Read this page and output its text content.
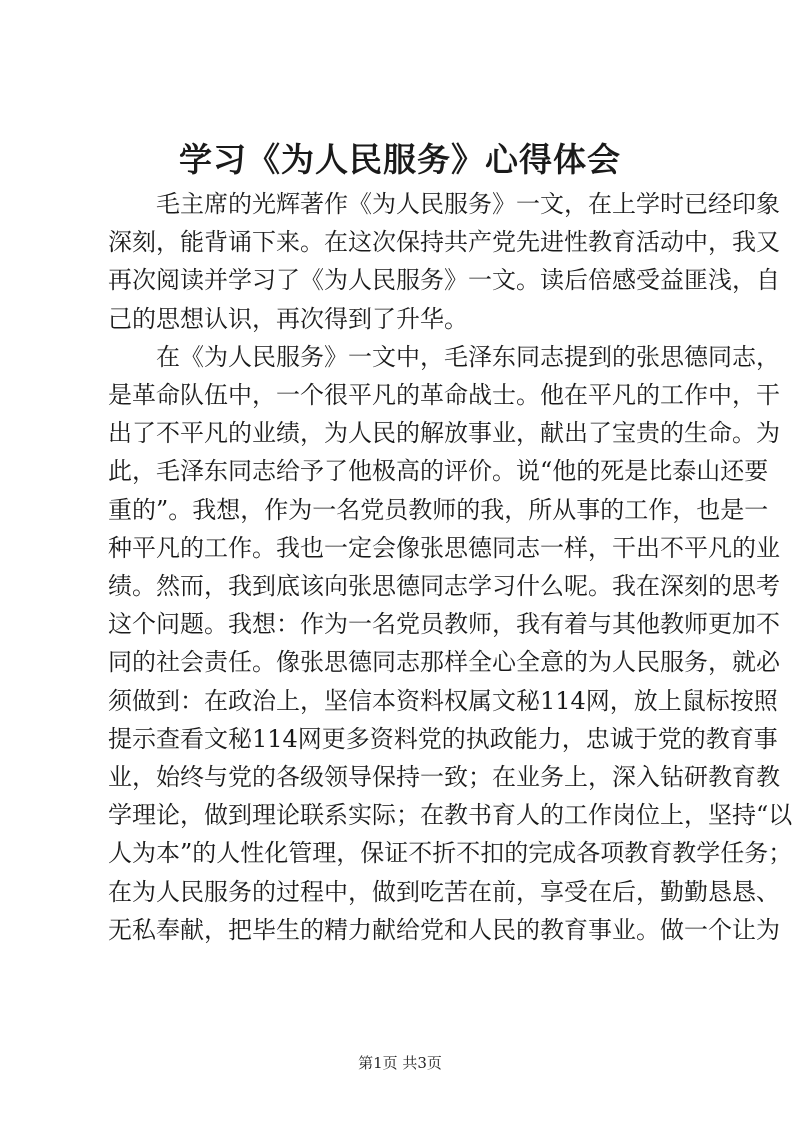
学习《为人民服务》心得体会
毛主席的光辉著作《为人民服务》一文，在上学时已经印象
深刻，能背诵下来。在这次保持共产党先进性教育活动中，我又
再次阅读并学习了《为人民服务》一文。读后倍感受益匪浅，自
己的思想认识，再次得到了升华。
在《为人民服务》一文中，毛泽东同志提到的张思德同志，
是革命队伍中，一个很平凡的革命战士。他在平凡的工作中，干
出了不平凡的业绩，为人民的解放事业，献出了宝贵的生命。为
此，毛泽东同志给予了他极高的评价。说“他的死是比泰山还要
重的”。我想，作为一名党员教师的我，所从事的工作，也是一
种平凡的工作。我也一定会像张思德同志一样，干出不平凡的业
绩。然而，我到底该向张思德同志学习什么呢。我在深刻的思考
这个问题。我想：作为一名党员教师，我有着与其他教师更加不
同的社会责任。像张思德同志那样全心全意的为人民服务，就必
须做到：在政治上，坚信本资料权属文秘114网，放上鼠标按照
提示查看文秘114网更多资料党的执政能力，忠诚于党的教育事
业，始终与党的各级领导保持一致；在业务上，深入钻研教育教
学理论，做到理论联系实际；在教书育人的工作岗位上，坚持“以
人为本”的人性化管理，保证不折不扣的完成各项教育教学任务；
在为人民服务的过程中，做到吃苦在前，享受在后，勤勤恳恳、
无私奉献，把毕生的精力献给党和人民的教育事业。做一个让为
第1页 共3页
